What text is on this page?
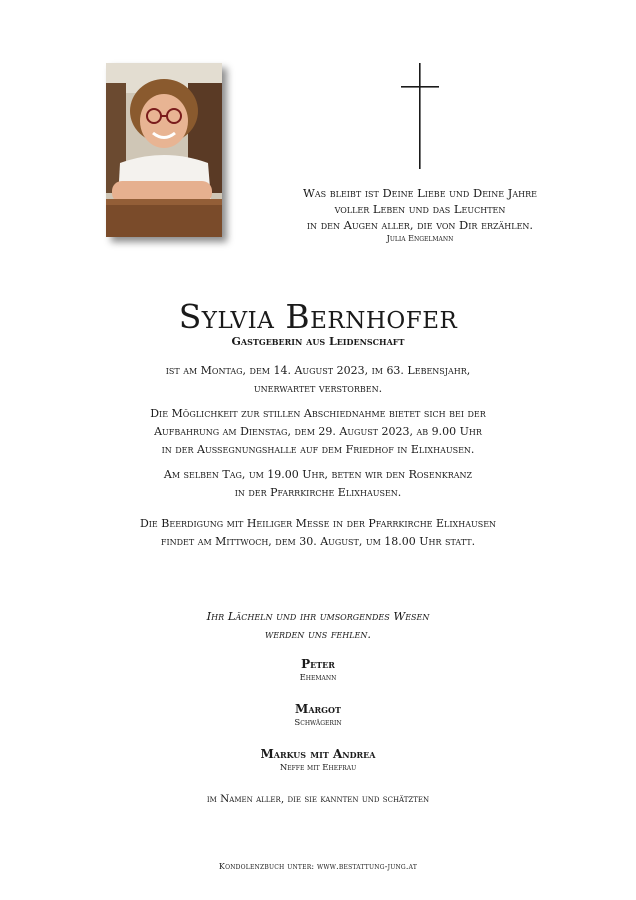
Was bleibt ist Deine Liebe und Deine Jahre
voller Leben und das Leuchten
in den Augen aller, die von Dir erzählen.
Julia Engelmann
Sylvia Bernhofer
Gastgeberin aus Leidenschaft
ist am Montag, dem 14. August 2023, im 63. Lebensjahr,
unerwartet verstorben.
Die Möglichkeit zur stillen Abschiednahme bietet sich bei der
Aufbahrung am Dienstag, dem 29. August 2023, ab 9.00 Uhr
in der Aussegnungshalle auf dem Friedhof in Elixhausen.
Am selben Tag, um 19.00 Uhr, beten wir den Rosenkranz
in der Pfarrkirche Elixhausen.
Die Beerdigung mit Heiliger Messe in der Pfarrkirche Elixhausen
findet am Mittwoch, dem 30. August, um 18.00 Uhr statt.
Ihr Lächeln und ihr umsorgendes Wesen
werden uns fehlen.
Peter
Ehemann
Margot
Schwägerin
Markus mit Andrea
Neffe mit Ehefrau
im Namen aller, die sie kannten und schätzten
Kondolenzbuch unter: www.bestattung-jung.at
